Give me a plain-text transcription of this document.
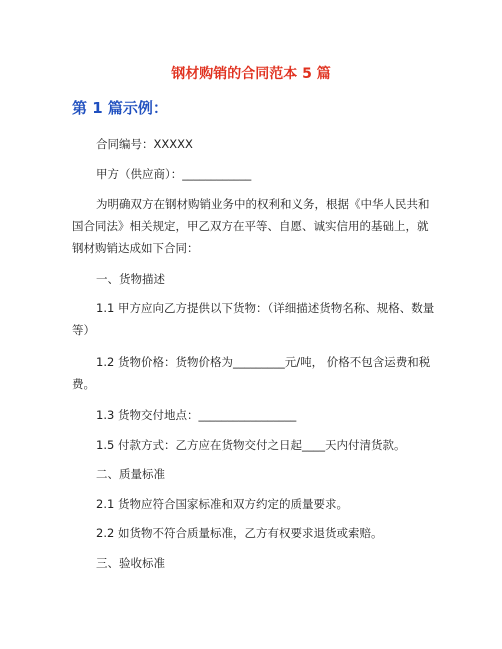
钢材购销的合同范本 5 篇
第 1 篇示例：
合同编号：XXXXX
甲方（供应商）：____________
为明确双方在钢材购销业务中的权利和义务，根据《中华人民共和国合同法》相关规定，甲乙双方在平等、自愿、诚实信用的基础上，就钢材购销达成如下合同：
一、货物描述
1.1 甲方应向乙方提供以下货物：（详细描述货物名称、规格、数量等）
1.2 货物价格：货物价格为_________元/吨， 价格不包含运费和税费。
1.3 货物交付地点：_________________
1.5 付款方式：乙方应在货物交付之日起____天内付清货款。
二、质量标准
2.1 货物应符合国家标准和双方约定的质量要求。
2.2 如货物不符合质量标准，乙方有权要求退货或索赔。
三、验收标准
